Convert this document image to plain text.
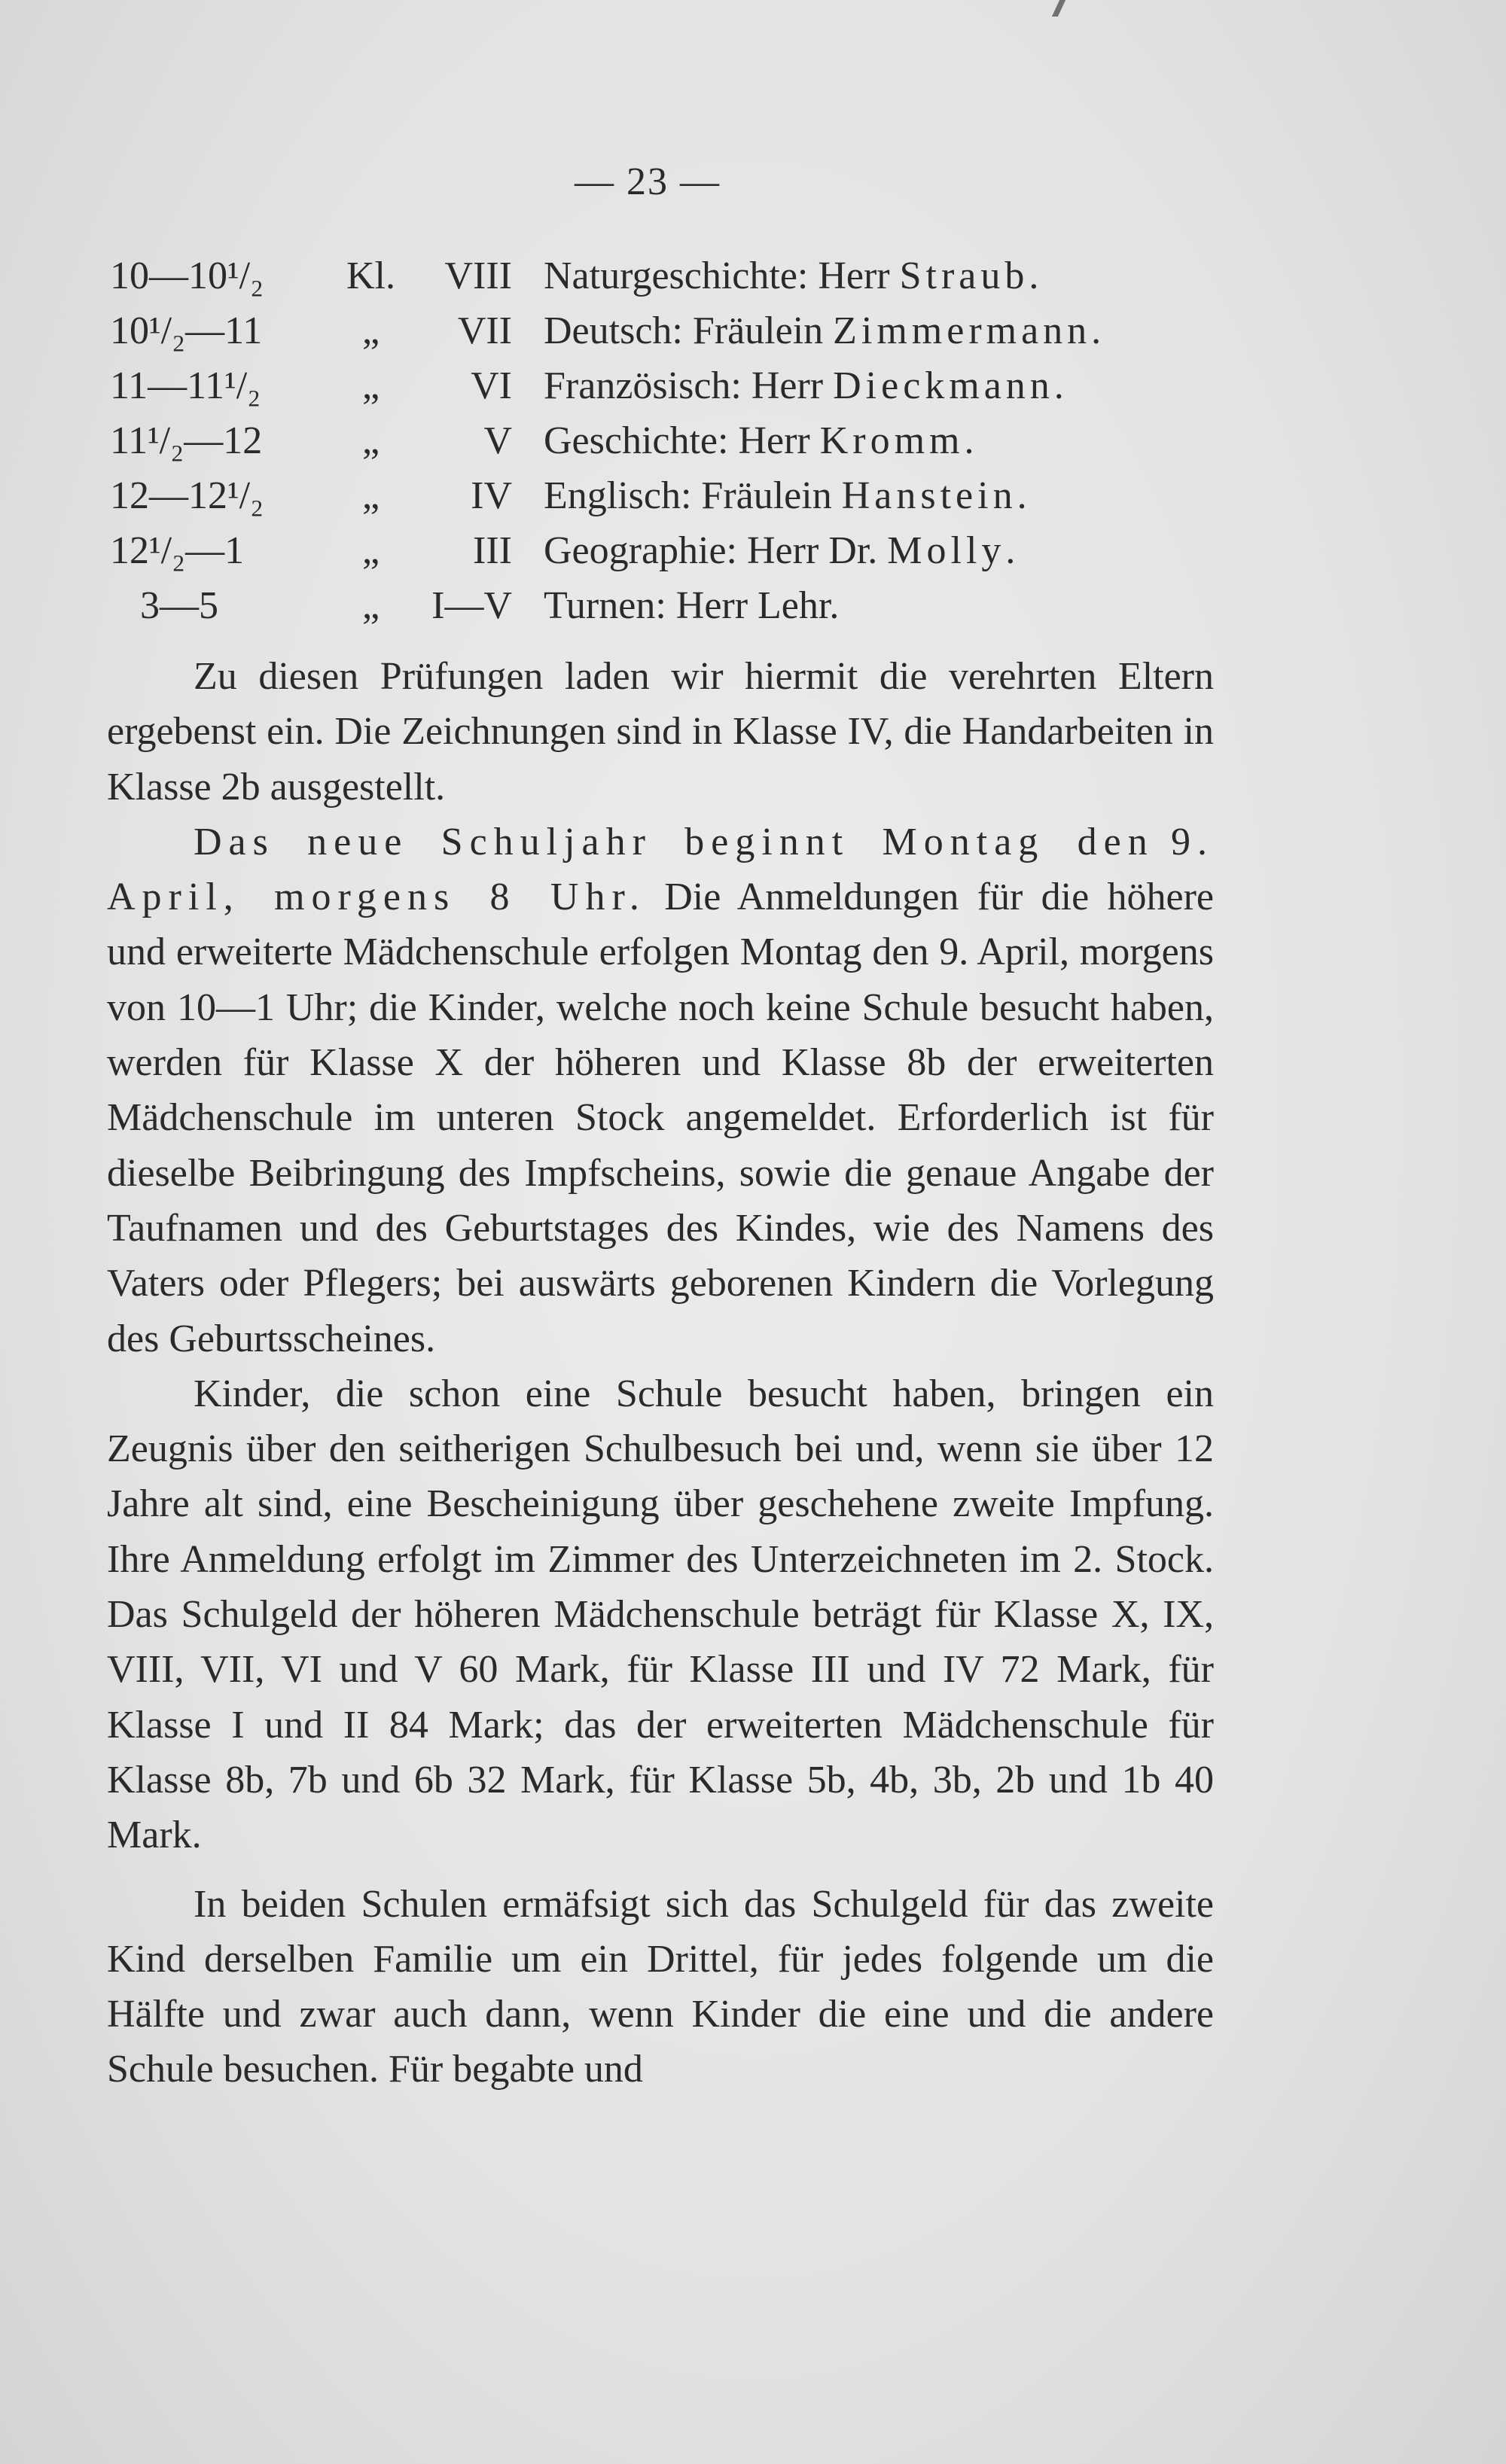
— 23 —
10—10¹/₂ Kl.	VIII Naturgeschichte: Herr Straub.
10¹/₂—11	„	VII Deutsch: Fräulein Zimmermann.
11—11¹/₂	„	VI Französisch: Herr Dieckmann.
11¹/₂—12	„	V Geschichte: Herr Kromm.
12—12¹/₂	„	IV Englisch: Fräulein Hanstein.
12¹/₂—1	„	III Geographie: Herr Dr. Molly.
3—5	„	I—V Turnen: Herr Lehr.

Zu diesen Prüfungen laden wir hiermit die verehrten Eltern ergebenst ein. Die Zeichnungen sind in Klasse IV, die Handarbeiten in Klasse 2b ausgestellt.

Das neue Schuljahr beginnt Montag den 9. April, morgens 8 Uhr. Die Anmeldungen für die höhere und erweiterte Mädchenschule erfolgen Montag den 9. April, morgens von 10—1 Uhr; die Kinder, welche noch keine Schule besucht haben, werden für Klasse X der höheren und Klasse 8b der erweiterten Mädchenschule im unteren Stock angemeldet. Erforderlich ist für dieselbe Beibringung des Impfscheins, sowie die genaue Angabe der Taufnamen und des Geburtstages des Kindes, wie des Namens des Vaters oder Pflegers; bei auswärts geborenen Kindern die Vorlegung des Geburtsscheines.

Kinder, die schon eine Schule besucht haben, bringen ein Zeugnis über den seitherigen Schulbesuch bei und, wenn sie über 12 Jahre alt sind, eine Bescheinigung über geschehene zweite Impfung. Ihre Anmeldung erfolgt im Zimmer des Unterzeichneten im 2. Stock. Das Schulgeld der höheren Mädchenschule beträgt für Klasse X, IX, VIII, VII, VI und V 60 Mark, für Klasse III und IV 72 Mark, für Klasse I und II 84 Mark; das der erweiterten Mädchenschule für Klasse 8b, 7b und 6b 32 Mark, für Klasse 5b, 4b, 3b, 2b und 1b 40 Mark.

In beiden Schulen ermäfsigt sich das Schulgeld für das zweite Kind derselben Familie um ein Drittel, für jedes folgende um die Hälfte und zwar auch dann, wenn Kinder die eine und die andere Schule besuchen. Für begabte und
